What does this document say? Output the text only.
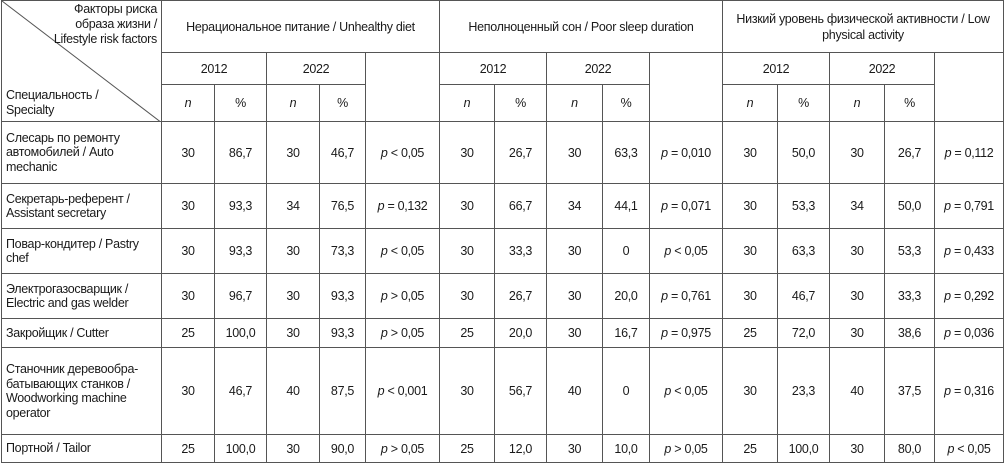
Факторы риска образа жизни / Lifestyle risk factors
Специальность / Specialty	Нерациональное питание / Unhealthy diet					Неполноценный сон / Poor sleep duration					Низкий уровень физической активности / Low physical activity				
	2012		2022			2012		2022			2012		2022		
	n	%	n	%		n	%	n	%		n	%	n	%	
Слесарь по ремонту автомобилей / Auto mechanic	30	86,7	30	46,7	p < 0,05	30	26,7	30	63,3	p = 0,010	30	50,0	30	26,7	p = 0,112
Секретарь-референт / Assistant secretary	30	93,3	34	76,5	p = 0,132	30	66,7	34	44,1	p = 0,071	30	53,3	34	50,0	p = 0,791
Повар-кондитер / Pastry chef	30	93,3	30	73,3	p < 0,05	30	33,3	30	0	p < 0,05	30	63,3	30	53,3	p = 0,433
Электрогазосварщик / Electric and gas welder	30	96,7	30	93,3	p > 0,05	30	26,7	30	20,0	p = 0,761	30	46,7	30	33,3	p = 0,292
Закройщик / Cutter	25	100,0	30	93,3	p > 0,05	25	20,0	30	16,7	p = 0,975	25	72,0	30	38,6	p = 0,036
Станочник деревообра-батывающих станков / Woodworking machine operator	30	46,7	40	87,5	p < 0,001	30	56,7	40	0	p < 0,05	30	23,3	40	37,5	p = 0,316
Портной / Tailor	25	100,0	30	90,0	p > 0,05	25	12,0	30	10,0	p > 0,05	25	100,0	30	80,0	p < 0,05
